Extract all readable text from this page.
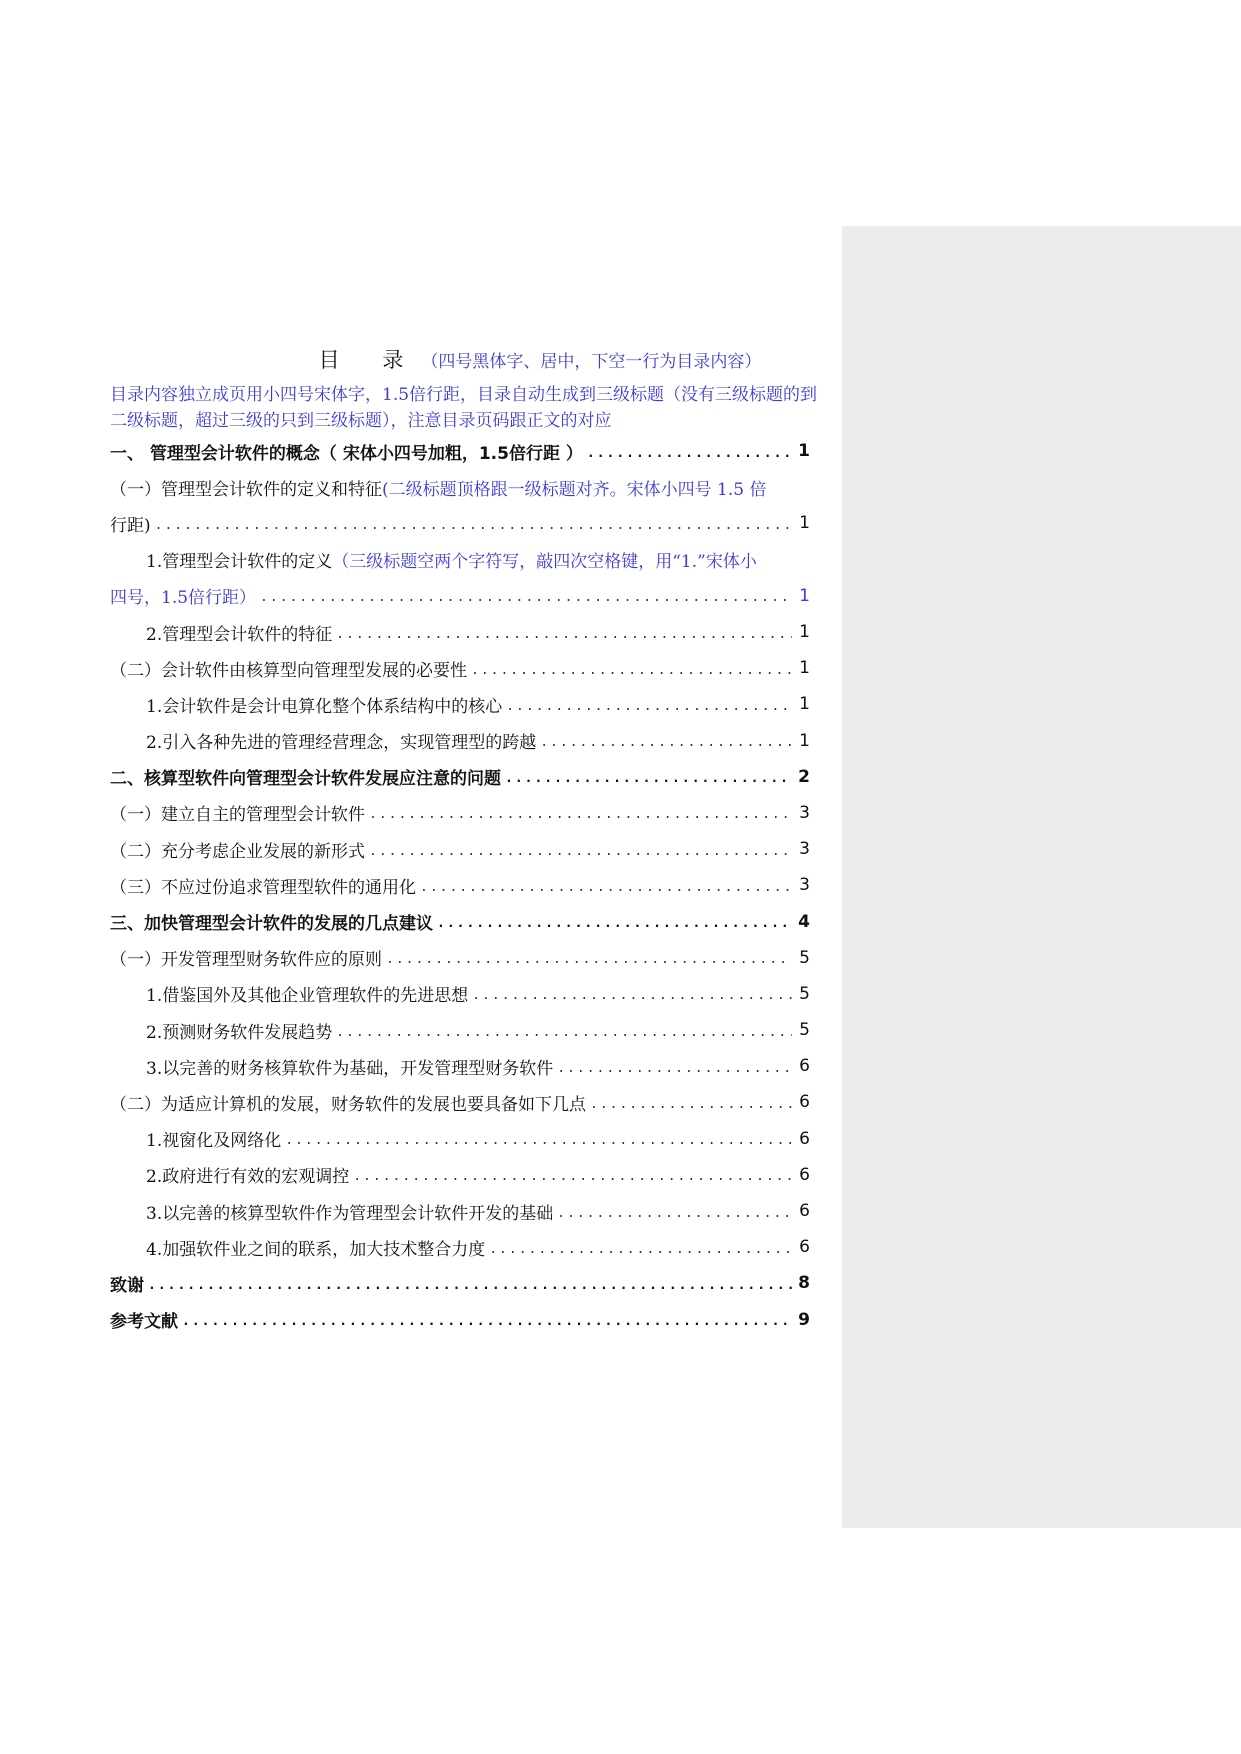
目 录（四号黑体字、居中，下空一行为目录内容）
目录内容独立成页用小四号宋体字，1.5倍行距，目录自动生成到三级标题（没有三级标题的到二级标题，超过三级的只到三级标题），注意目录页码跟正文的对应
一、 管理型会计软件的概念（ 宋体小四号加粗，1.5倍行距 ） .....	1
（一）管理型会计软件的定义和特征 (二级标题顶格跟一级标题对齐。宋体小四号 1.5 倍
行距) .....	1
1.管理型会计软件的定义 （三级标题空两个字符写，敲四次空格键，用“1.”宋体小
四号，1.5倍行距） .....	1
2.管理型会计软件的特征 .....	1
（二）会计软件由核算型向管理型发展的必要性 .....	1
1.会计软件是会计电算化整个体系结构中的核心 .....	1
2.引入各种先进的管理经营理念，实现管理型的跨越 .....	1
二、核算型软件向管理型会计软件发展应注意的问题 .....	2
（一）建立自主的管理型会计软件 .....	3
（二）充分考虑企业发展的新形式 .....	3
（三）不应过份追求管理型软件的通用化 .....	3
三、加快管理型会计软件的发展的几点建议 .....	4
（一）开发管理型财务软件应的原则 .....	5
1.借鉴国外及其他企业管理软件的先进思想 .....	5
2.预测财务软件发展趋势 .....	5
3.以完善的财务核算软件为基础，开发管理型财务软件 .....	6
（二）为适应计算机的发展，财务软件的发展也要具备如下几点 .....	6
1.视窗化及网络化 .....	6
2.政府进行有效的宏观调控 .....	6
3.以完善的核算型软件作为管理型会计软件开发的基础 .....	6
4.加强软件业之间的联系，加大技术整合力度 .....	6
致谢 .....	8
参考文献 .....	9
